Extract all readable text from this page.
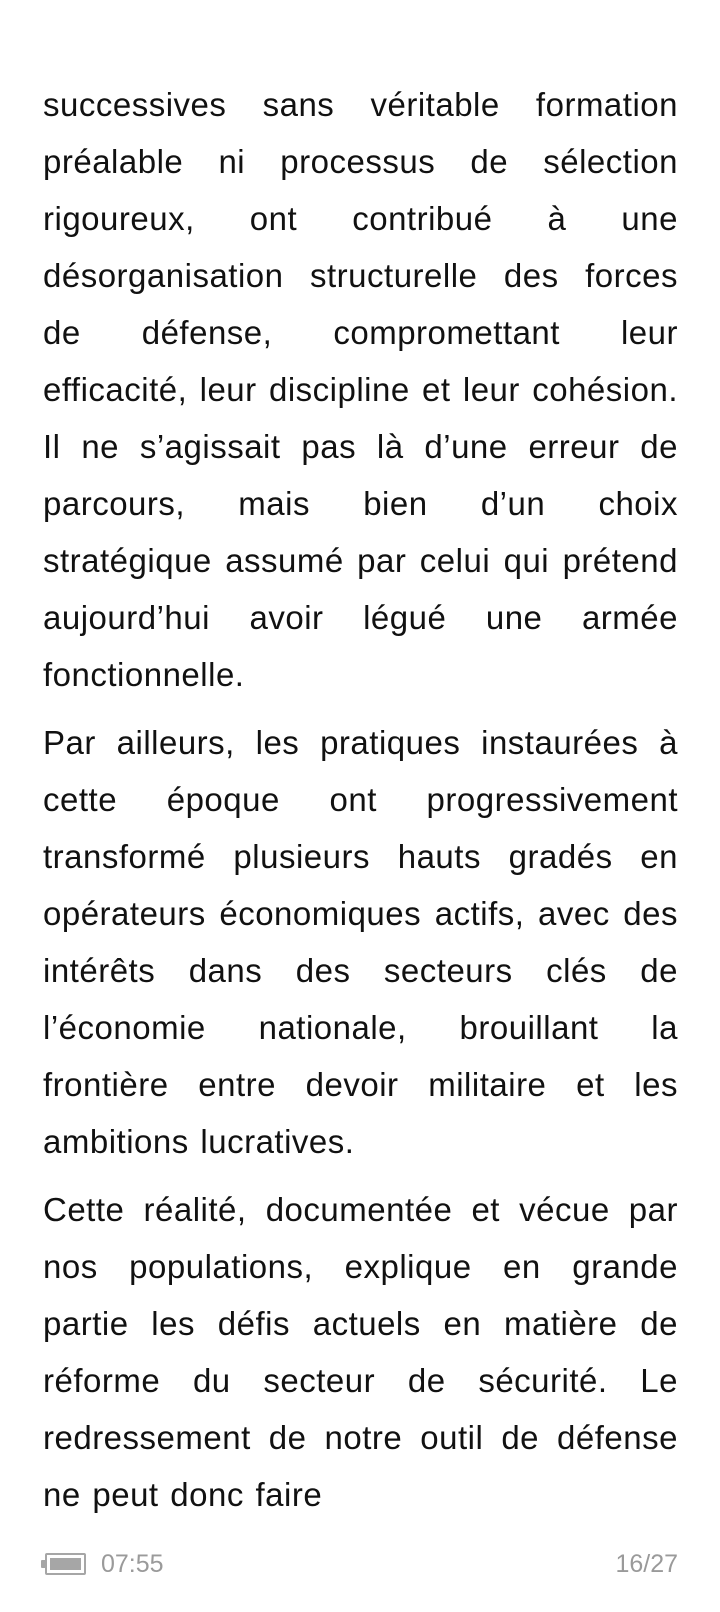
successives sans véritable formation préalable ni processus de sélection rigoureux, ont contribué à une désorganisation structurelle des forces de défense, compromettant leur efficacité, leur discipline et leur cohésion. Il ne s’agissait pas là d’une erreur de parcours, mais bien d’un choix stratégique assumé par celui qui prétend aujourd’hui avoir légué une armée fonctionnelle.

Par ailleurs, les pratiques instaurées à cette époque ont progressivement transformé plusieurs hauts gradés en opérateurs économiques actifs, avec des intérêts dans des secteurs clés de l’économie nationale, brouillant la frontière entre devoir militaire et les ambitions lucratives.

Cette réalité, documentée et vécue par nos populations, explique en grande partie les défis actuels en matière de réforme du secteur de sécurité. Le redressement de notre outil de défense ne peut donc faire

07:55	16/27
